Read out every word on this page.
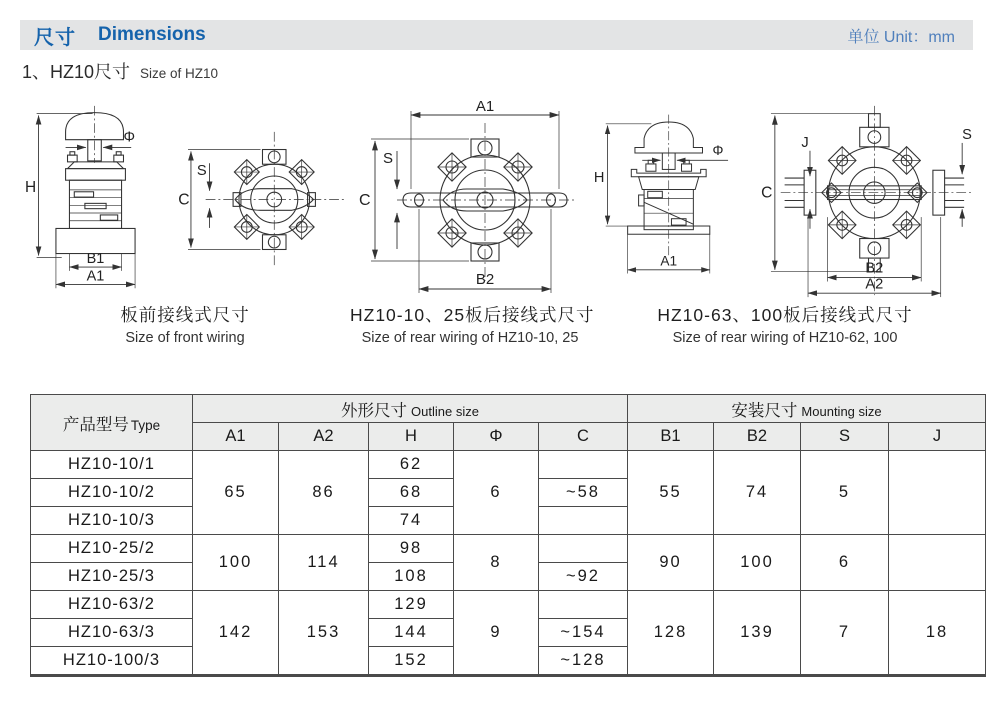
尺寸 Dimensions	单位 Unit：mm
1、 HZ10尺寸 Size of HZ10
H
Φ
B1
A1
C
S
板前接线式尺寸
Size of front wiring
A1
S
C
B2
HZ10-10、25板后接线式尺寸
Size of rear wiring of HZ10-10, 25
H
Φ
A1
C
J	S
B2
A2
HZ10-63、100板后接线式尺寸
Size of rear wiring of HZ10-62, 100
产品型号 Type	外形尺寸 Outline size					安装尺寸 Mounting size			
	A1	A2	H	Φ	C	B1	B2	S	J
HZ10-10/1	65	86	62	6		55	74	5	
HZ10-10/2			68		~58				
HZ10-10/3			74						
HZ10-25/2	100	114	98	8		90	100	6	
HZ10-25/3			108		~92				
HZ10-63/2	142	153	129	9		128	139	7	18
HZ10-63/3			144		~154				
HZ10-100/3			152		~128				
